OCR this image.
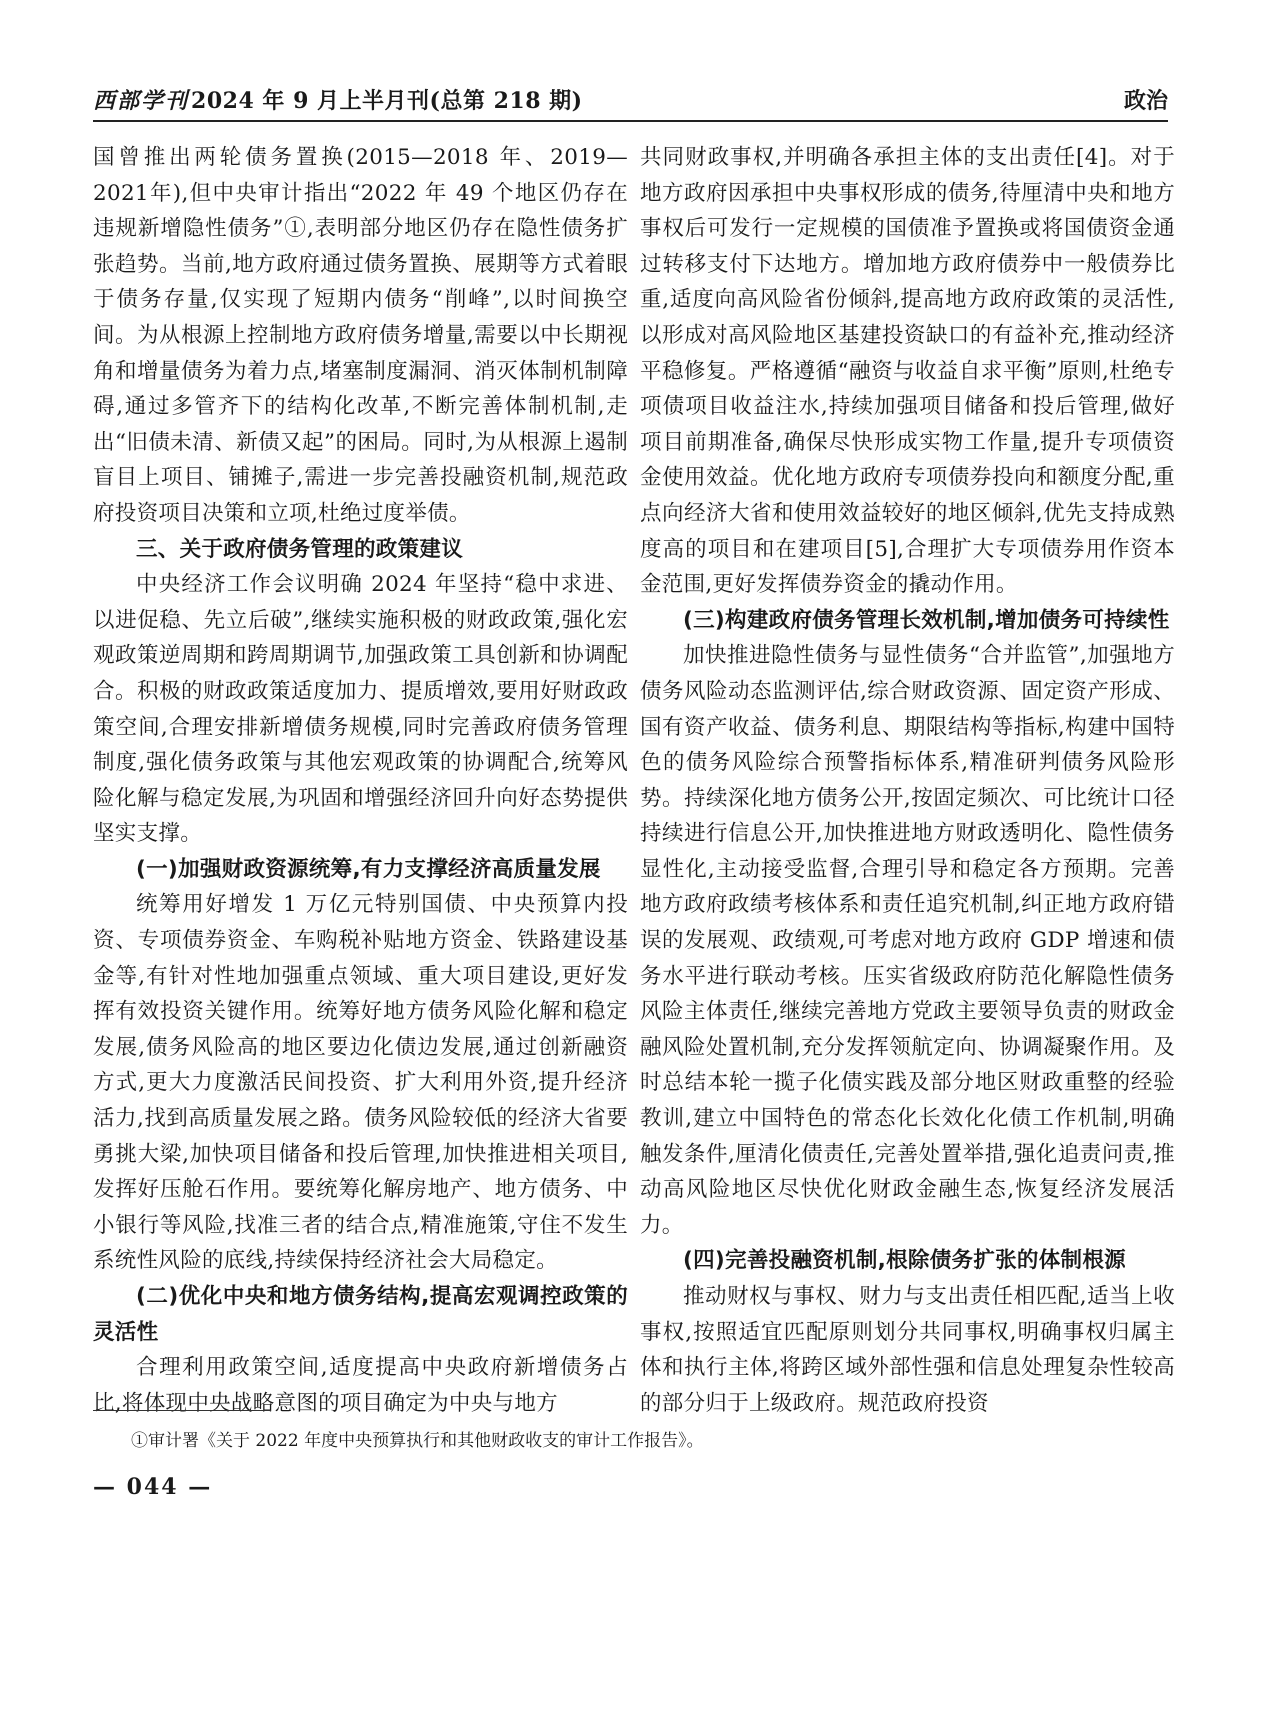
西部学刊2024 年 9 月上半月刊(总第 218 期)	政治

国曾推出两轮债务置换(2015—2018 年、2019—2021年),但中央审计指出“2022 年 49 个地区仍存在违规新增隐性债务”①,表明部分地区仍存在隐性债务扩张趋势。当前,地方政府通过债务置换、展期等方式着眼于债务存量,仅实现了短期内债务“削峰”,以时间换空间。为从根源上控制地方政府债务增量,需要以中长期视角和增量债务为着力点,堵塞制度漏洞、消灭体制机制障碍,通过多管齐下的结构化改革,不断完善体制机制,走出“旧债未清、新债又起”的困局。同时,为从根源上遏制盲目上项目、铺摊子,需进一步完善投融资机制,规范政府投资项目决策和立项,杜绝过度举债。

三、关于政府债务管理的政策建议

中央经济工作会议明确 2024 年坚持“稳中求进、以进促稳、先立后破”,继续实施积极的财政政策,强化宏观政策逆周期和跨周期调节,加强政策工具创新和协调配合。积极的财政政策适度加力、提质增效,要用好财政政策空间,合理安排新增债务规模,同时完善政府债务管理制度,强化债务政策与其他宏观政策的协调配合,统筹风险化解与稳定发展,为巩固和增强经济回升向好态势提供坚实支撑。

(一)加强财政资源统筹,有力支撑经济高质量发展

统筹用好增发 1 万亿元特别国债、中央预算内投资、专项债券资金、车购税补贴地方资金、铁路建设基金等,有针对性地加强重点领域、重大项目建设,更好发挥有效投资关键作用。统筹好地方债务风险化解和稳定发展,债务风险高的地区要边化债边发展,通过创新融资方式,更大力度激活民间投资、扩大利用外资,提升经济活力,找到高质量发展之路。债务风险较低的经济大省要勇挑大梁,加快项目储备和投后管理,加快推进相关项目,发挥好压舱石作用。要统筹化解房地产、地方债务、中小银行等风险,找准三者的结合点,精准施策,守住不发生系统性风险的底线,持续保持经济社会大局稳定。

(二)优化中央和地方债务结构,提高宏观调控政策的灵活性

合理利用政策空间,适度提高中央政府新增债务占比,将体现中央战略意图的项目确定为中央与地方

共同财政事权,并明确各承担主体的支出责任[4]。对于地方政府因承担中央事权形成的债务,待厘清中央和地方事权后可发行一定规模的国债准予置换或将国债资金通过转移支付下达地方。增加地方政府债券中一般债券比重,适度向高风险省份倾斜,提高地方政府政策的灵活性,以形成对高风险地区基建投资缺口的有益补充,推动经济平稳修复。严格遵循“融资与收益自求平衡”原则,杜绝专项债项目收益注水,持续加强项目储备和投后管理,做好项目前期准备,确保尽快形成实物工作量,提升专项债资金使用效益。优化地方政府专项债券投向和额度分配,重点向经济大省和使用效益较好的地区倾斜,优先支持成熟度高的项目和在建项目[5],合理扩大专项债券用作资本金范围,更好发挥债券资金的撬动作用。

(三)构建政府债务管理长效机制,增加债务可持续性

加快推进隐性债务与显性债务“合并监管”,加强地方债务风险动态监测评估,综合财政资源、固定资产形成、国有资产收益、债务利息、期限结构等指标,构建中国特色的债务风险综合预警指标体系,精准研判债务风险形势。持续深化地方债务公开,按固定频次、可比统计口径持续进行信息公开,加快推进地方财政透明化、隐性债务显性化,主动接受监督,合理引导和稳定各方预期。完善地方政府政绩考核体系和责任追究机制,纠正地方政府错误的发展观、政绩观,可考虑对地方政府 GDP 增速和债务水平进行联动考核。压实省级政府防范化解隐性债务风险主体责任,继续完善地方党政主要领导负责的财政金融风险处置机制,充分发挥领航定向、协调凝聚作用。及时总结本轮一揽子化债实践及部分地区财政重整的经验教训,建立中国特色的常态化长效化化债工作机制,明确触发条件,厘清化债责任,完善处置举措,强化追责问责,推动高风险地区尽快优化财政金融生态,恢复经济发展活力。

(四)完善投融资机制,根除债务扩张的体制根源

推动财权与事权、财力与支出责任相匹配,适当上收事权,按照适宜匹配原则划分共同事权,明确事权归属主体和执行主体,将跨区域外部性强和信息处理复杂性较高的部分归于上级政府。规范政府投资

①审计署《关于 2022 年度中央预算执行和其他财政收支的审计工作报告》。
— 044 —
